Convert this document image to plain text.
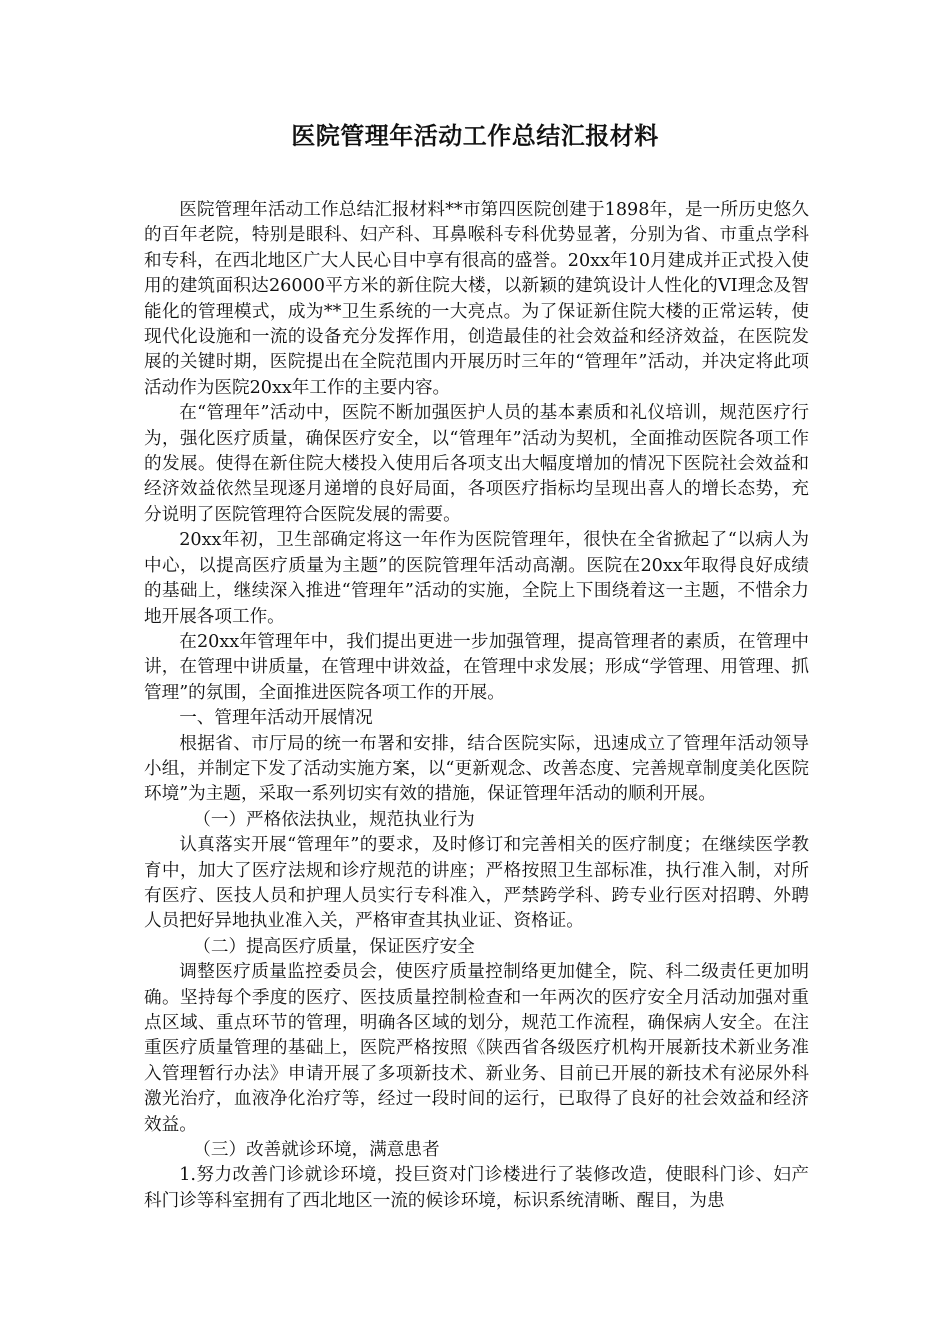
医院管理年活动工作总结汇报材料

医院管理年活动工作总结汇报材料**市第四医院创建于1898年，是一所历史悠久的百年老院，特别是眼科、妇产科、耳鼻喉科专科优势显著，分别为省、市重点学科和专科，在西北地区广大人民心目中享有很高的盛誉。20xx年10月建成并正式投入使用的建筑面积达26000平方米的新住院大楼，以新颖的建筑设计人性化的VI理念及智能化的管理模式，成为**卫生系统的一大亮点。为了保证新住院大楼的正常运转，使现代化设施和一流的设备充分发挥作用，创造最佳的社会效益和经济效益，在医院发展的关键时期，医院提出在全院范围内开展历时三年的“管理年”活动，并决定将此项活动作为医院20xx年工作的主要内容。

在“管理年”活动中，医院不断加强医护人员的基本素质和礼仪培训，规范医疗行为，强化医疗质量，确保医疗安全，以“管理年”活动为契机，全面推动医院各项工作的发展。使得在新住院大楼投入使用后各项支出大幅度增加的情况下医院社会效益和经济效益依然呈现逐月递增的良好局面，各项医疗指标均呈现出喜人的增长态势，充分说明了医院管理符合医院发展的需要。

20xx年初，卫生部确定将这一年作为医院管理年，很快在全省掀起了“以病人为中心，以提高医疗质量为主题”的医院管理年活动高潮。医院在20xx年取得良好成绩的基础上，继续深入推进“管理年”活动的实施，全院上下围绕着这一主题，不惜余力地开展各项工作。

在20xx年管理年中，我们提出更进一步加强管理，提高管理者的素质，在管理中讲，在管理中讲质量，在管理中讲效益，在管理中求发展；形成“学管理、用管理、抓管理”的氛围，全面推进医院各项工作的开展。

一、管理年活动开展情况

根据省、市厅局的统一布署和安排，结合医院实际，迅速成立了管理年活动领导小组，并制定下发了活动实施方案，以“更新观念、改善态度、完善规章制度美化医院环境”为主题，采取一系列切实有效的措施，保证管理年活动的顺利开展。

（一）严格依法执业，规范执业行为

认真落实开展“管理年”的要求，及时修订和完善相关的医疗制度；在继续医学教育中，加大了医疗法规和诊疗规范的讲座；严格按照卫生部标准，执行准入制，对所有医疗、医技人员和护理人员实行专科准入，严禁跨学科、跨专业行医对招聘、外聘人员把好异地执业准入关，严格审查其执业证、资格证。

（二）提高医疗质量，保证医疗安全

调整医疗质量监控委员会，使医疗质量控制络更加健全，院、科二级责任更加明确。坚持每个季度的医疗、医技质量控制检查和一年两次的医疗安全月活动加强对重点区域、重点环节的管理，明确各区域的划分，规范工作流程，确保病人安全。在注重医疗质量管理的基础上，医院严格按照《陕西省各级医疗机构开展新技术新业务准入管理暂行办法》申请开展了多项新技术、新业务、目前已开展的新技术有泌尿外科激光治疗，血液净化治疗等，经过一段时间的运行，已取得了良好的社会效益和经济效益。

（三）改善就诊环境，满意患者

1.努力改善门诊就诊环境，投巨资对门诊楼进行了装修改造，使眼科门诊、妇产科门诊等科室拥有了西北地区一流的候诊环境，标识系统清晰、醒目，为患
